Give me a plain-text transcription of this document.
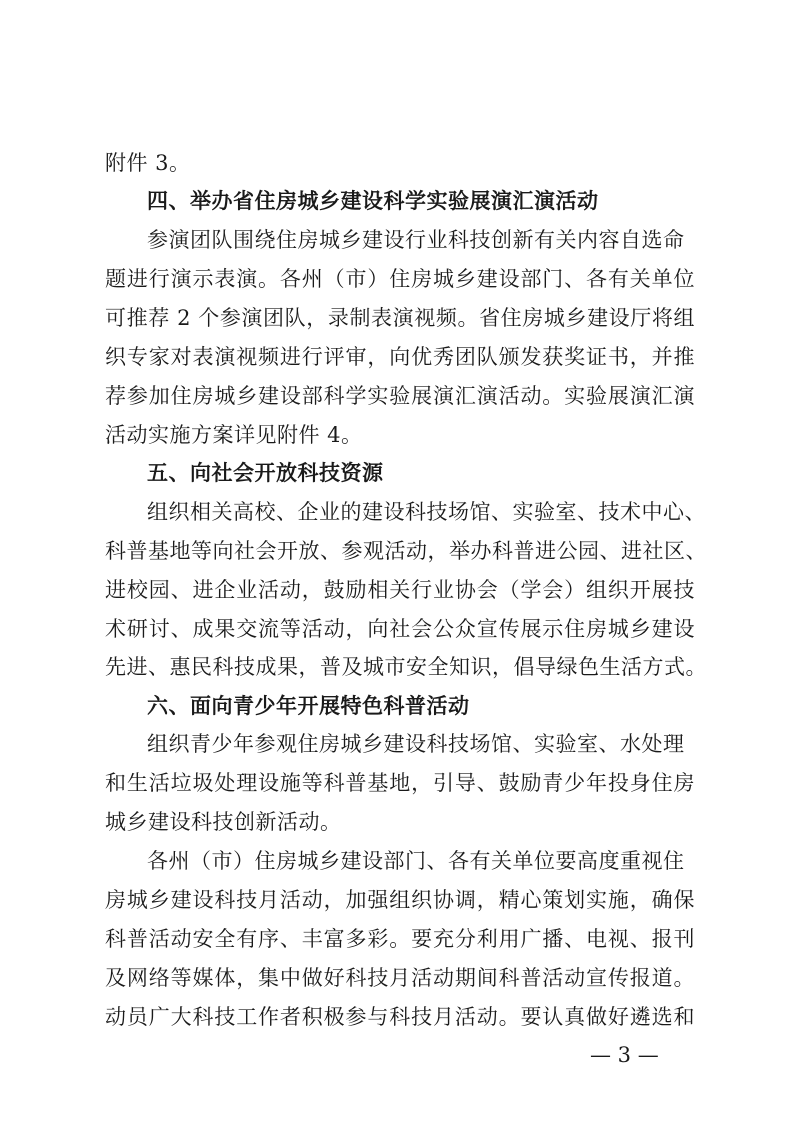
附件 3。
四、举办省住房城乡建设科学实验展演汇演活动
参演团队围绕住房城乡建设行业科技创新有关内容自选命
题进行演示表演。各州（市）住房城乡建设部门、各有关单位
可推荐 2 个参演团队，录制表演视频。省住房城乡建设厅将组
织专家对表演视频进行评审，向优秀团队颁发获奖证书，并推
荐参加住房城乡建设部科学实验展演汇演活动。实验展演汇演
活动实施方案详见附件 4。
五、向社会开放科技资源
组织相关高校、企业的建设科技场馆、实验室、技术中心、
科普基地等向社会开放、参观活动，举办科普进公园、进社区、
进校园、进企业活动，鼓励相关行业协会（学会）组织开展技
术研讨、成果交流等活动，向社会公众宣传展示住房城乡建设
先进、惠民科技成果，普及城市安全知识，倡导绿色生活方式。
六、面向青少年开展特色科普活动
组织青少年参观住房城乡建设科技场馆、实验室、水处理
和生活垃圾处理设施等科普基地，引导、鼓励青少年投身住房
城乡建设科技创新活动。
各州（市）住房城乡建设部门、各有关单位要高度重视住
房城乡建设科技月活动，加强组织协调，精心策划实施，确保
科普活动安全有序、丰富多彩。要充分利用广播、电视、报刊
及网络等媒体，集中做好科技月活动期间科普活动宣传报道。
动员广大科技工作者积极参与科技月活动。要认真做好遴选和
— 3 —
